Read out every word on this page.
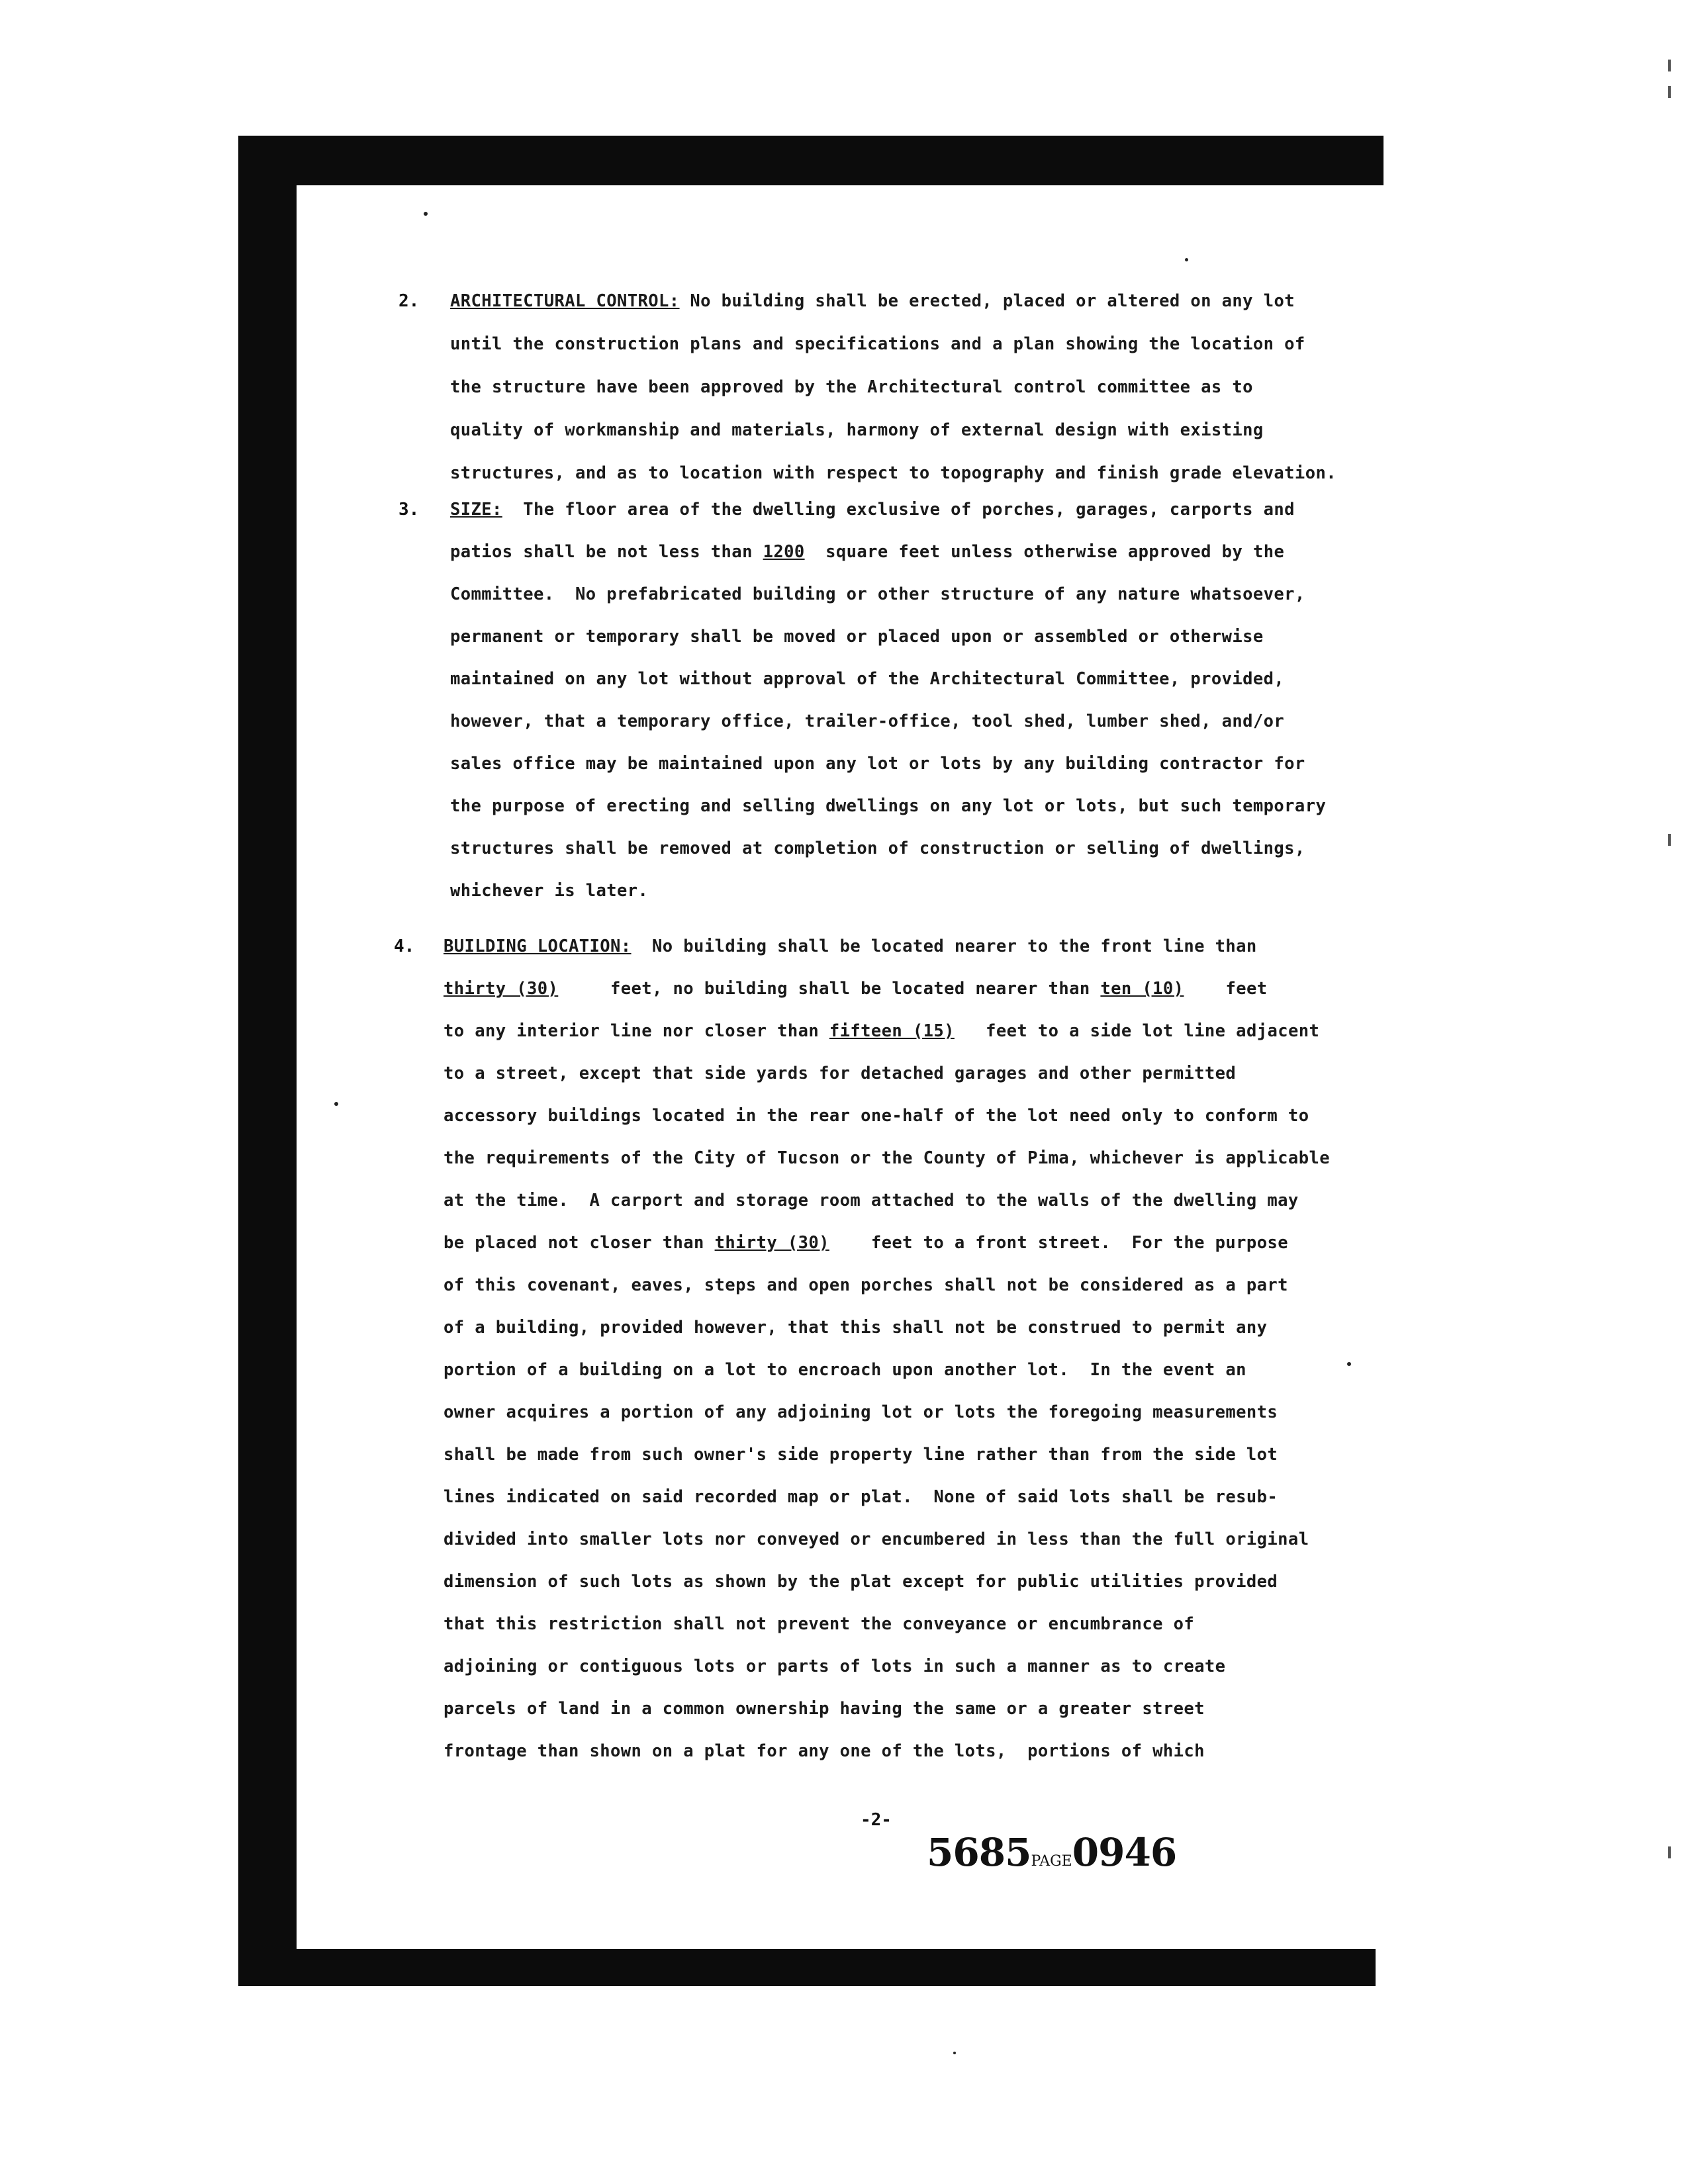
2. ARCHITECTURAL CONTROL: No building shall be erected, placed or altered on any lot
until the construction plans and specifications and a plan showing the location of
the structure have been approved by the Architectural control committee as to
quality of workmanship and materials, harmony of external design with existing
structures, and as to location with respect to topography and finish grade elevation.
3. SIZE:  The floor area of the dwelling exclusive of porches, garages, carports and
patios shall be not less than 1200  square feet unless otherwise approved by the
Committee.  No prefabricated building or other structure of any nature whatsoever,
permanent or temporary shall be moved or placed upon or assembled or otherwise
maintained on any lot without approval of the Architectural Committee, provided,
however, that a temporary office, trailer-office, tool shed, lumber shed, and/or
sales office may be maintained upon any lot or lots by any building contractor for
the purpose of erecting and selling dwellings on any lot or lots, but such temporary
structures shall be removed at completion of construction or selling of dwellings,
whichever is later.
4. BUILDING LOCATION:  No building shall be located nearer to the front line than
thirty (30)     feet, no building shall be located nearer than ten (10)    feet
to any interior line nor closer than fifteen (15)   feet to a side lot line adjacent
to a street, except that side yards for detached garages and other permitted
accessory buildings located in the rear one-half of the lot need only to conform to
the requirements of the City of Tucson or the County of Pima, whichever is applicable
at the time.  A carport and storage room attached to the walls of the dwelling may
be placed not closer than thirty (30)    feet to a front street.  For the purpose
of this covenant, eaves, steps and open porches shall not be considered as a part
of a building, provided however, that this shall not be construed to permit any
portion of a building on a lot to encroach upon another lot.  In the event an
owner acquires a portion of any adjoining lot or lots the foregoing measurements
shall be made from such owner's side property line rather than from the side lot
lines indicated on said recorded map or plat.  None of said lots shall be resub-
divided into smaller lots nor conveyed or encumbered in less than the full original
dimension of such lots as shown by the plat except for public utilities provided
that this restriction shall not prevent the conveyance or encumbrance of
adjoining or contiguous lots or parts of lots in such a manner as to create
parcels of land in a common ownership having the same or a greater street
frontage than shown on a plat for any one of the lots,  portions of which
-2-
5685PAGE0946
